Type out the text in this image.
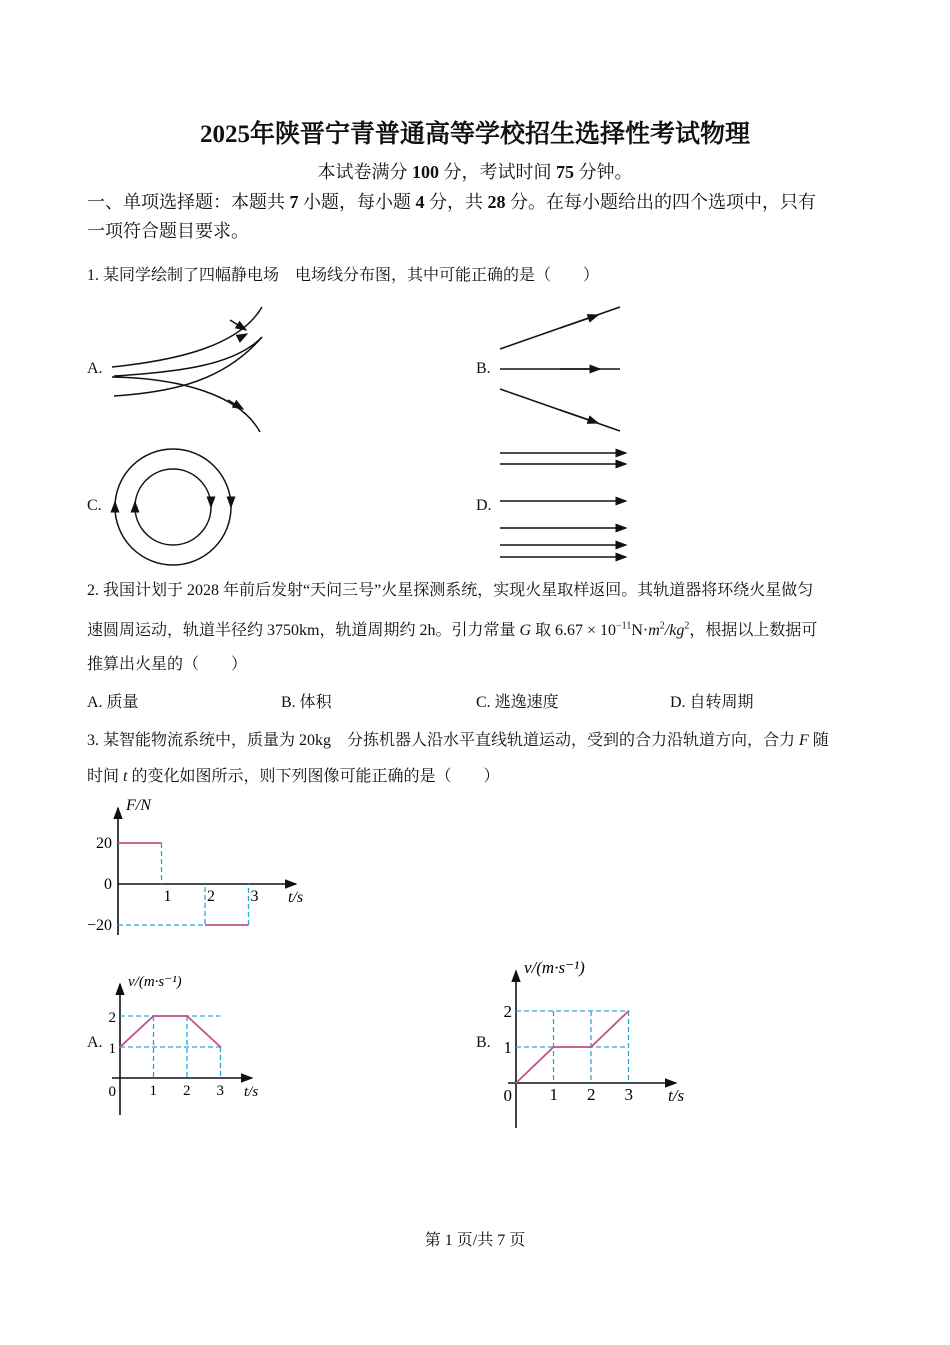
2025年陕晋宁青普通高等学校招生选择性考试物理
本试卷满分 100 分，考试时间 75 分钟。
一、单项选择题：本题共 7 小题，每小题 4 分，共 28 分。在每小题给出的四个选项中，只有
一项符合题目要求。
1. 某同学绘制了四幅静电场　电场线分布图，其中可能正确的是（　　）
A.	B.
C.	D.
2. 我国计划于 2028 年前后发射“天问三号”火星探测系统，实现火星取样返回。其轨道器将环绕火星做匀
速圆周运动，轨道半径约 3750km，轨道周期约 2h。引力常量 G 取 $6.67 \times 10^{-11}N\cdot m^2/kg^2$，根据以上数据可
推算出火星的（　　）
A. 质量	B. 体积	C. 逃逸速度	D. 自转周期
3. 某智能物流系统中，质量为 20kg　分拣机器人沿水平直线轨道运动，受到的合力沿轨道方向，合力 F 随
时间 t 的变化如图所示，则下列图像可能正确的是（　　）
A.	B.
F/N
t/s
1 2 3
20
0
−20
v/(m·s⁻¹)
t/s
1 2 3
2
1
0
v/(m·s⁻¹)
t/s
1 2 3
2
1
0
第 1 页/共 7 页
